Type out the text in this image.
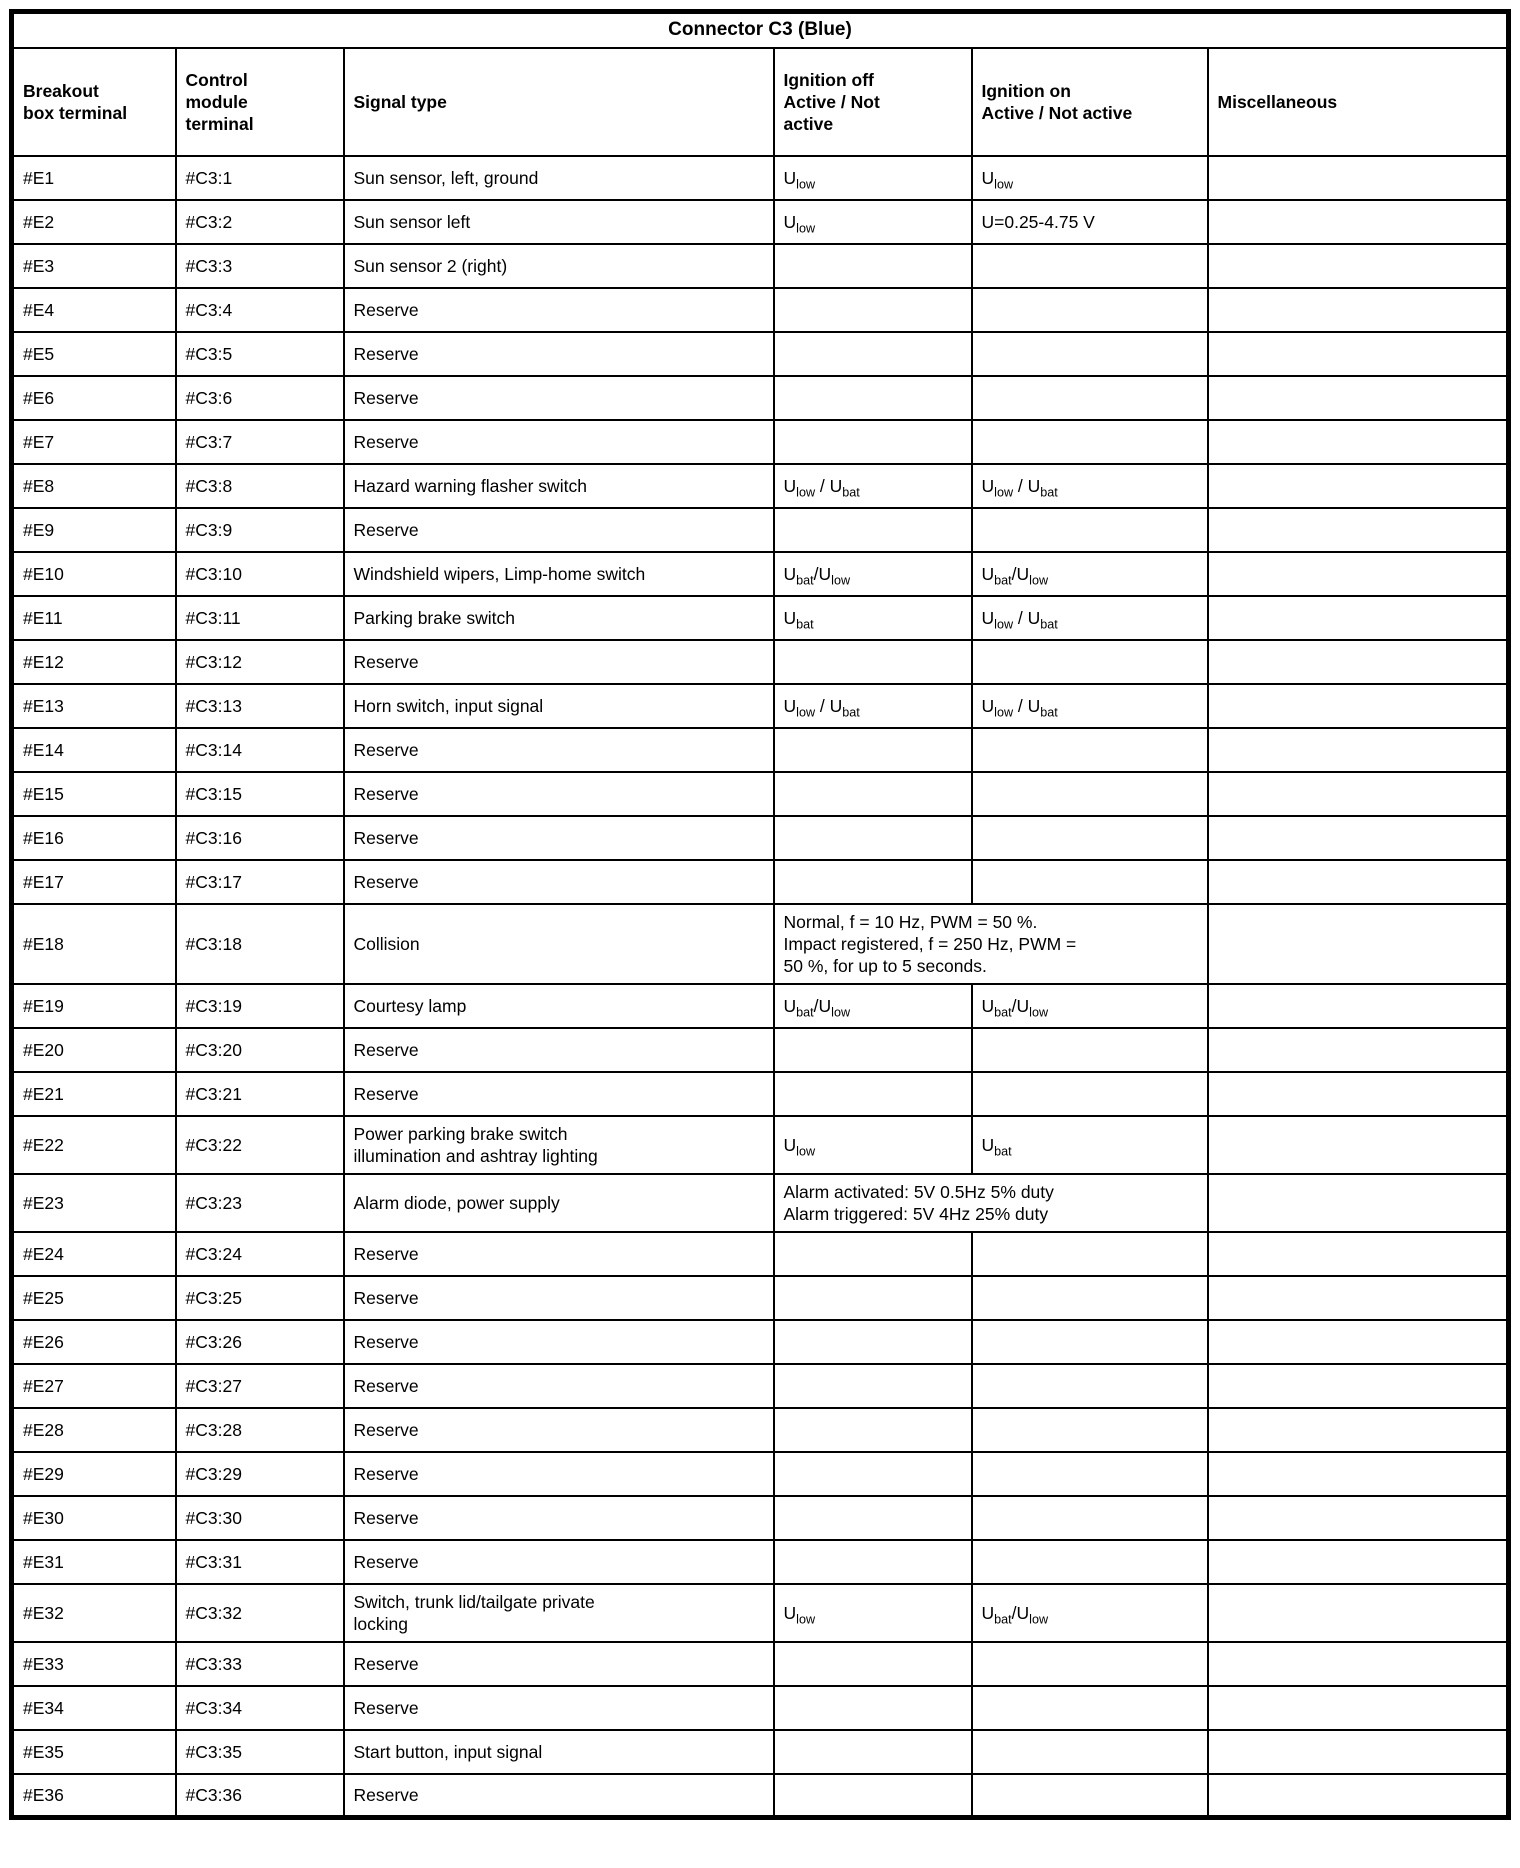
Connector C3 (Blue)					
Breakout
box terminal	Control
module
terminal	Signal type	Ignition off
Active / Not
active	Ignition on
Active / Not active	Miscellaneous
#E1	#C3:1	Sun sensor, left, ground	$U_{low}$	$U_{low}$	
#E2	#C3:2	Sun sensor left	$U_{low}$	U=0.25-4.75 V	
#E3	#C3:3	Sun sensor 2 (right)			
#E4	#C3:4	Reserve			
#E5	#C3:5	Reserve			
#E6	#C3:6	Reserve			
#E7	#C3:7	Reserve			
#E8	#C3:8	Hazard warning flasher switch	$U_{low} / U_{bat}$	$U_{low} / U_{bat}$	
#E9	#C3:9	Reserve			
#E10	#C3:10	Windshield wipers, Limp-home switch	$U_{bat}/U_{low}$	$U_{bat}/U_{low}$	
#E11	#C3:11	Parking brake switch	$U_{bat}$	$U_{low} / U_{bat}$	
#E12	#C3:12	Reserve			
#E13	#C3:13	Horn switch, input signal	$U_{low} / U_{bat}$	$U_{low} / U_{bat}$	
#E14	#C3:14	Reserve			
#E15	#C3:15	Reserve			
#E16	#C3:16	Reserve			
#E17	#C3:17	Reserve			
#E18	#C3:18	Collision	Normal, f = 10 Hz, PWM = 50 %.
Impact registered, f = 250 Hz, PWM =
50 %, for up to 5 seconds.		
#E19	#C3:19	Courtesy lamp	$U_{bat}/U_{low}$	$U_{bat}/U_{low}$	
#E20	#C3:20	Reserve			
#E21	#C3:21	Reserve			
#E22	#C3:22	Power parking brake switch
illumination and ashtray lighting	$U_{low}$	$U_{bat}$	
#E23	#C3:23	Alarm diode, power supply	Alarm activated: 5V 0.5Hz 5% duty
Alarm triggered: 5V 4Hz 25% duty		
#E24	#C3:24	Reserve			
#E25	#C3:25	Reserve			
#E26	#C3:26	Reserve			
#E27	#C3:27	Reserve			
#E28	#C3:28	Reserve			
#E29	#C3:29	Reserve			
#E30	#C3:30	Reserve			
#E31	#C3:31	Reserve			
#E32	#C3:32	Switch, trunk lid/tailgate private
locking	$U_{low}$	$U_{bat}/U_{low}$	
#E33	#C3:33	Reserve			
#E34	#C3:34	Reserve			
#E35	#C3:35	Start button, input signal			
#E36	#C3:36	Reserve			
